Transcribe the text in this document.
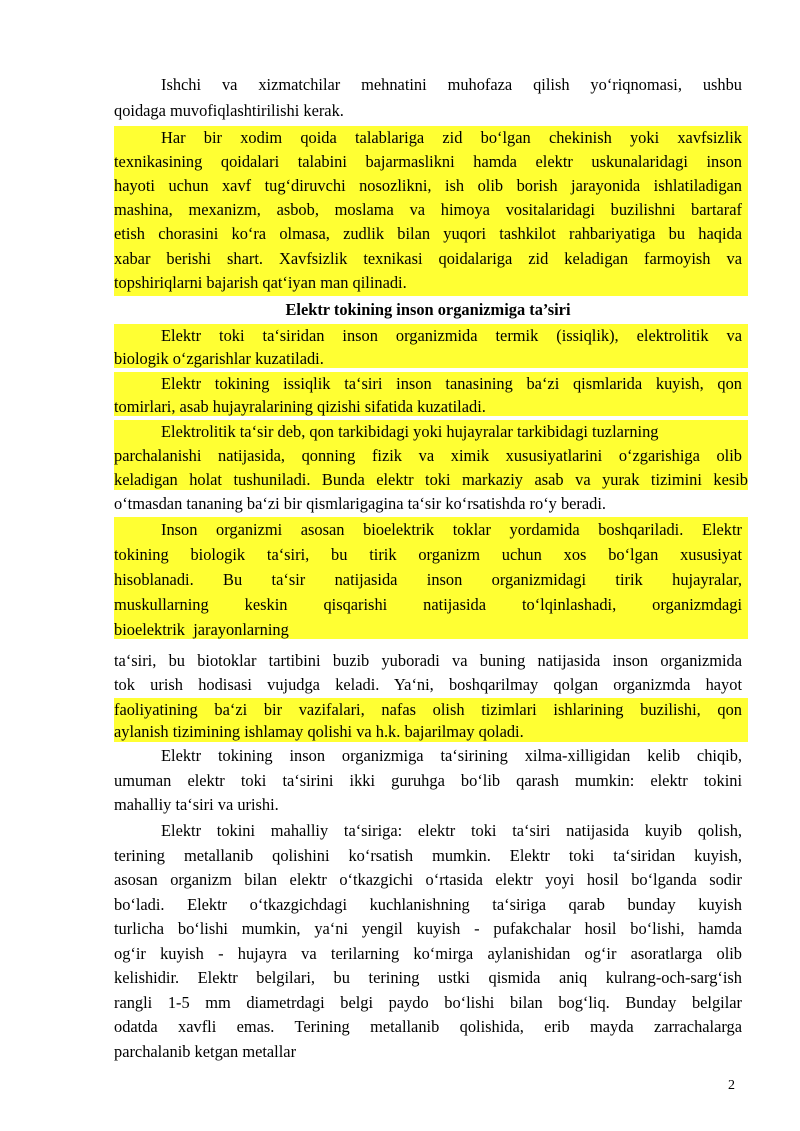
Ishchi va xizmatchilar mehnatini muhofaza qilish yo‘riqnomasi, ushbu
qoidaga muvofiqlashtirilishi kerak.
Har bir xodim qoida talablariga zid bo‘lgan chekinish yoki xavfsizlik
texnikasining qoidalari talabini bajarmaslikni hamda elektr uskunalaridagi inson
hayoti uchun xavf tug‘diruvchi nosozlikni, ish olib borish jarayonida ishlatiladigan
mashina, mexanizm, asbob, moslama va himoya vositalaridagi buzilishni bartaraf
etish chorasini ko‘ra olmasa, zudlik bilan yuqori tashkilot rahbariyatiga bu haqida
xabar berishi shart. Xavfsizlik texnikasi qoidalariga zid keladigan farmoyish va
topshiriqlarni bajarish qat‘iyan man qilinadi.
Elektr tokining inson organizmiga ta’siri
Elektr toki ta‘siridan inson organizmida termik (issiqlik), elektrolitik va
biologik o‘zgarishlar kuzatiladi.
Elektr tokining issiqlik ta‘siri inson tanasining ba‘zi qismlarida kuyish, qon
tomirlari, asab hujayralarining qizishi sifatida kuzatiladi.
Elektrolitik ta‘sir deb, qon tarkibidagi yoki hujayralar tarkibidagi tuzlarning
parchalanishi natijasida, qonning fizik va ximik xususiyatlarini o‘zgarishiga olib
keladigan holat tushuniladi. Bunda elektr toki markaziy asab va yurak tizimini kesib
o‘tmasdan tananing ba‘zi bir qismlarigagina ta‘sir ko‘rsatishda ro‘y beradi.
Inson organizmi asosan bioelektrik toklar yordamida boshqariladi. Elektr
tokining biologik ta‘siri, bu tirik organizm uchun xos bo‘lgan xususiyat
hisoblanadi. Bu ta‘sir natijasida inson organizmidagi tirik hujayralar,
muskullarning keskin qisqarishi natijasida to‘lqinlashadi, organizmdagi
bioelektrik  jarayonlarning
ta‘siri, bu biotoklar tartibini buzib yuboradi va buning natijasida inson organizmida
tok urish hodisasi vujudga keladi. Ya‘ni, boshqarilmay qolgan organizmda hayot
faoliyatining ba‘zi bir vazifalari, nafas olish tizimlari ishlarining buzilishi, qon
aylanish tizimining ishlamay qolishi va h.k. bajarilmay qoladi.
Elektr tokining inson organizmiga ta‘sirining xilma-xilligidan kelib chiqib,
umuman elektr toki ta‘sirini ikki guruhga bo‘lib qarash mumkin: elektr tokini
mahalliy ta‘siri va urishi.
Elektr tokini mahalliy ta‘siriga: elektr toki ta‘siri natijasida kuyib qolish,
terining metallanib qolishini ko‘rsatish mumkin. Elektr toki ta‘siridan kuyish,
asosan organizm bilan elektr o‘tkazgichi o‘rtasida elektr yoyi hosil bo‘lganda sodir
bo‘ladi. Elektr o‘tkazgichdagi kuchlanishning ta‘siriga qarab bunday kuyish
turlicha bo‘lishi mumkin, ya‘ni yengil kuyish - pufakchalar hosil bo‘lishi, hamda
og‘ir kuyish - hujayra va terilarning ko‘mirga aylanishidan og‘ir asoratlarga olib
kelishidir. Elektr belgilari, bu terining ustki qismida aniq kulrang-och-sarg‘ish
rangli 1-5 mm diametrdagi belgi paydo bo‘lishi bilan bog‘liq. Bunday belgilar
odatda xavfli emas. Terining metallanib qolishida, erib mayda zarrachalarga
parchalanib ketgan metallar
2
